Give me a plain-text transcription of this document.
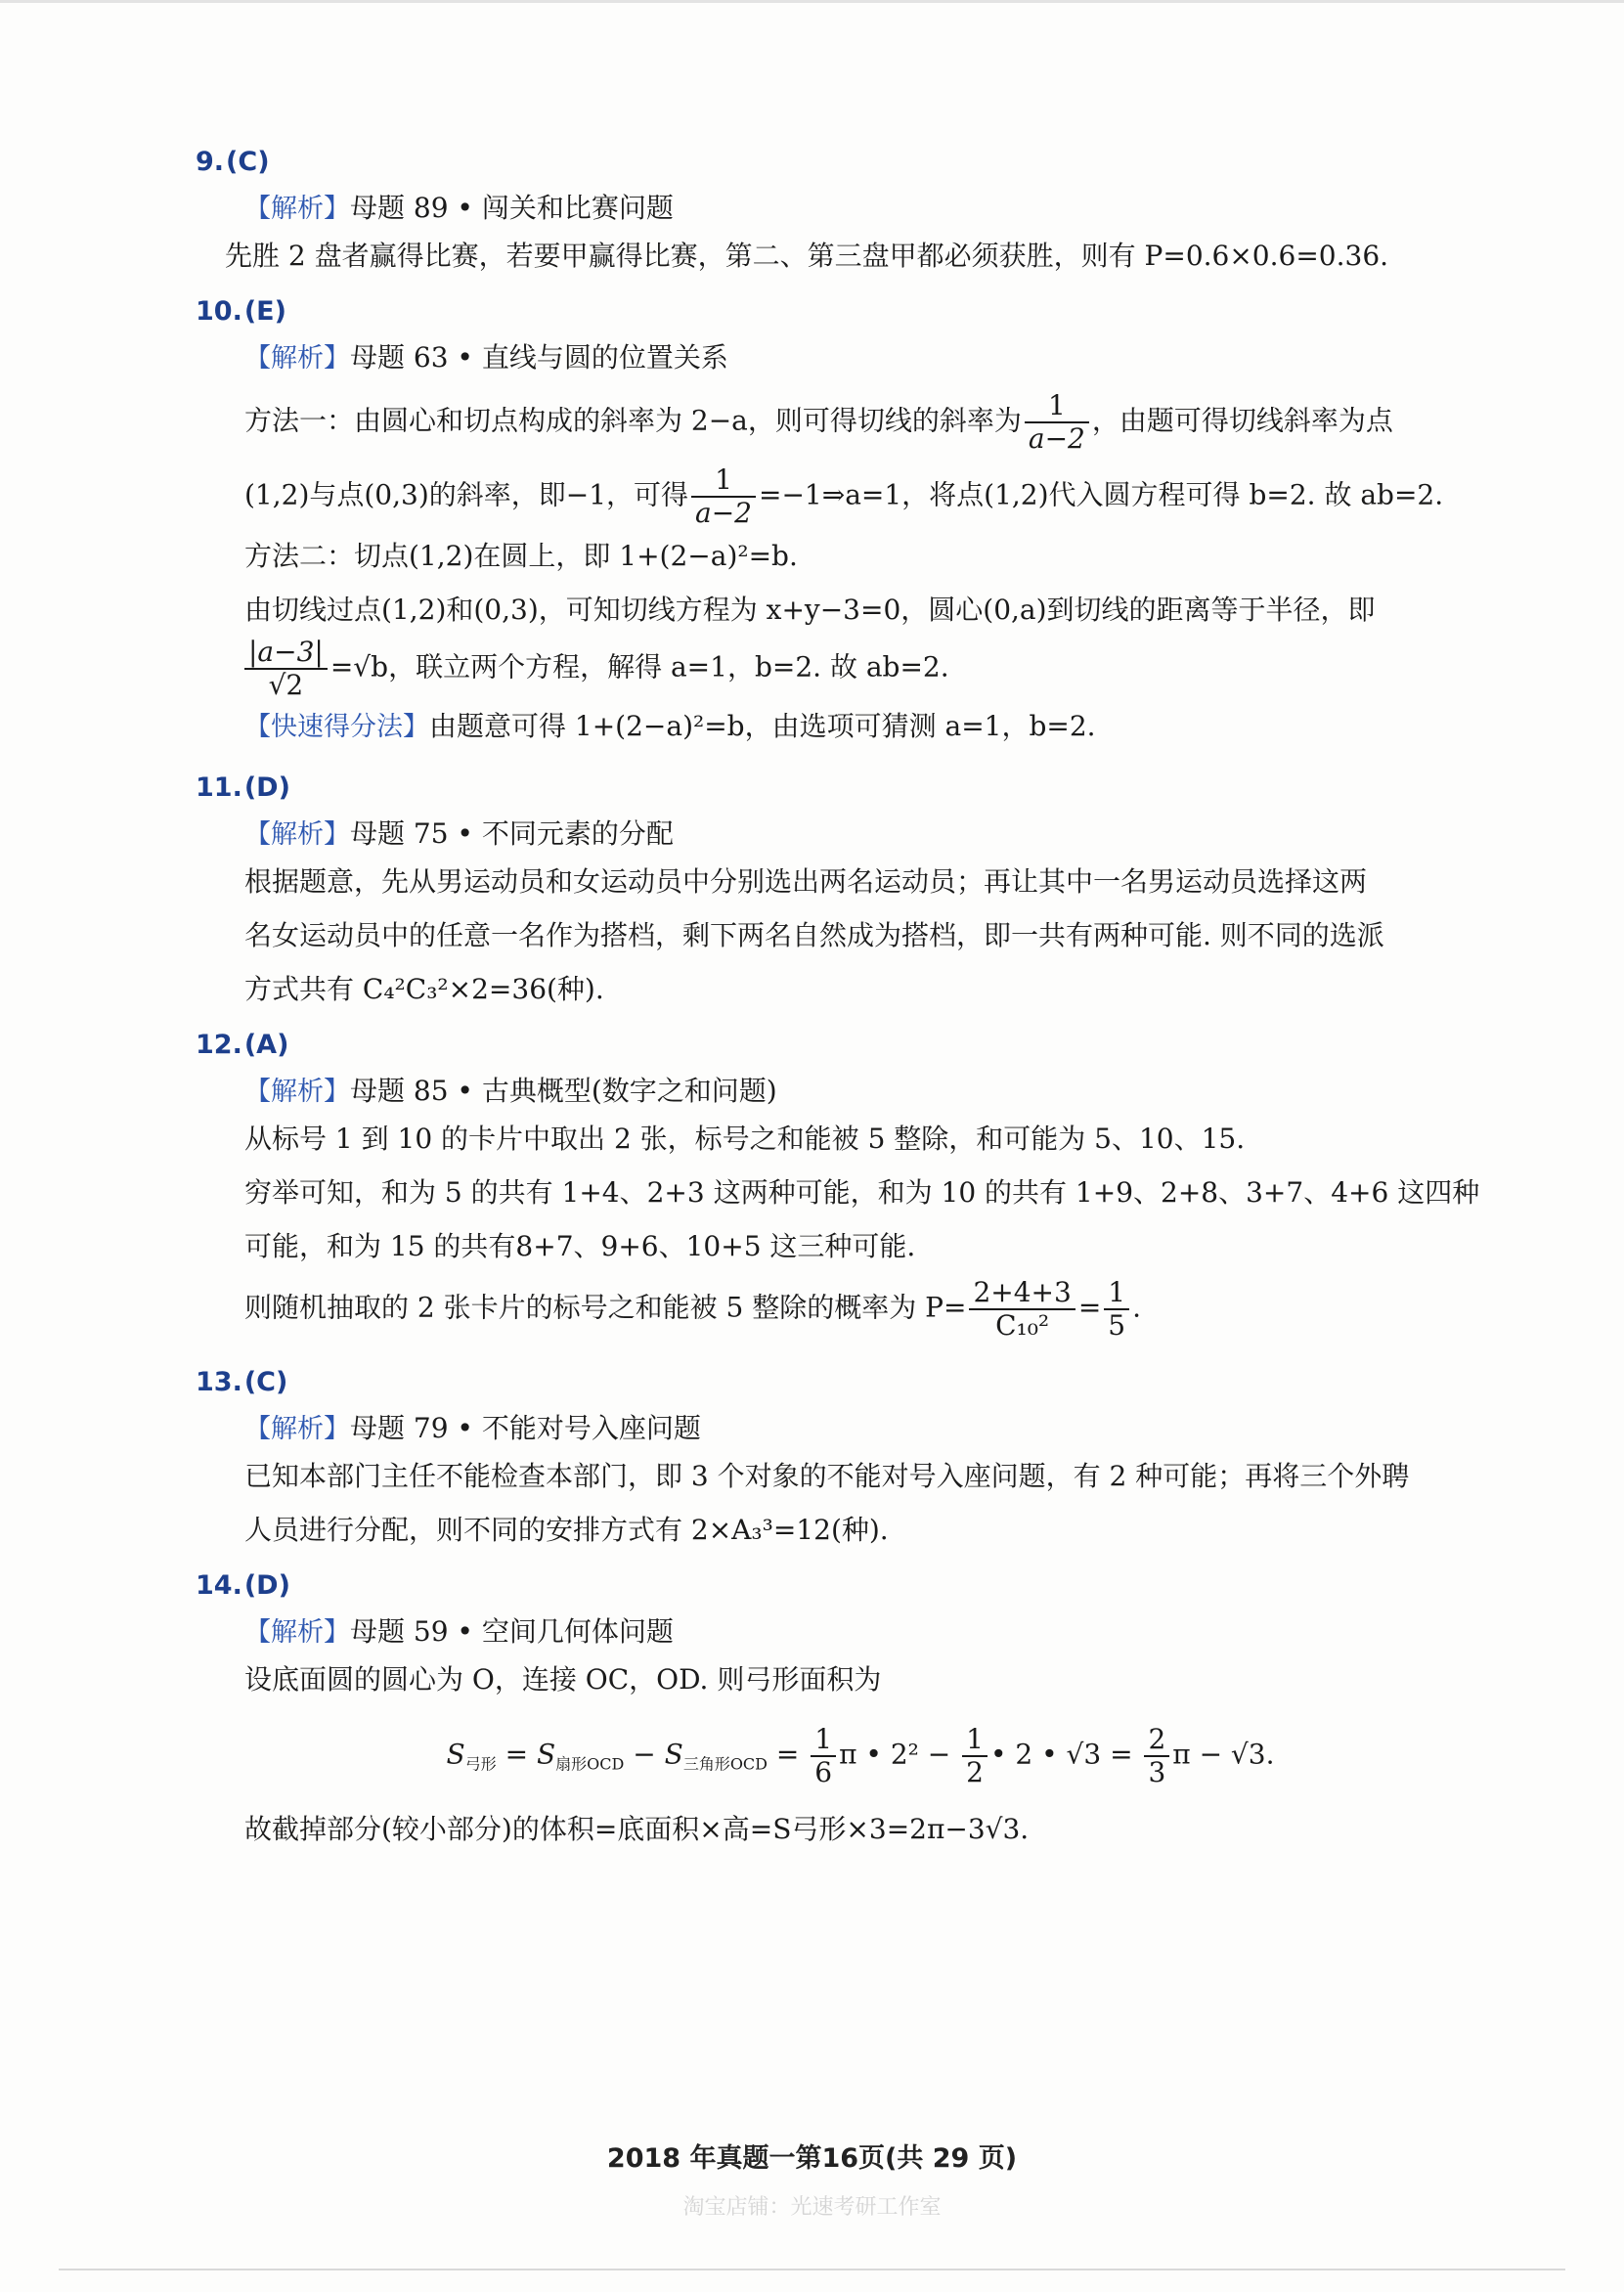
9.(C)
【解析】母题 89 • 闯关和比赛问题
先胜 2 盘者赢得比赛，若要甲赢得比赛，第二、第三盘甲都必须获胜，则有 P=0.6×0.6=0.36.
10.(E)
【解析】母题 63 • 直线与圆的位置关系
方法一：由圆心和切点构成的斜率为 2−a，则可得切线的斜率为 $\frac{1}{a-2}$ ，由题可得切线斜率为点
(1,2)与点(0,3)的斜率，即−1，可得 $\frac{1}{a-2}$ =−1⇒a=1，将点(1,2)代入圆方程可得 b=2. 故 ab=2.
方法二：切点(1,2)在圆上，即 1+(2−a)²=b.
由切线过点(1,2)和(0,3)，可知切线方程为 x+y−3=0，圆心(0,a)到切线的距离等于半径，即
$\frac{|a-3|}{√2} =√b$，联立两个方程，解得 a=1，b=2. 故 ab=2.
【快速得分法】由题意可得 1+(2−a)²=b，由选项可猜测 a=1，b=2.
11.(D)
【解析】母题 75 • 不同元素的分配
根据题意，先从男运动员和女运动员中分别选出两名运动员；再让其中一名男运动员选择这两
名女运动员中的任意一名作为搭档，剩下两名自然成为搭档，即一共有两种可能. 则不同的选派
方式共有 C₄²C₃²×2=36(种).
12.(A)
【解析】母题 85 • 古典概型(数字之和问题)
从标号 1 到 10 的卡片中取出 2 张，标号之和能被 5 整除，和可能为 5、10、15.
穷举可知，和为 5 的共有 1+4、2+3 这两种可能，和为 10 的共有 1+9、2+8、3+7、4+6 这四种
可能，和为 15 的共有8+7、9+6、10+5 这三种可能.
则随机抽取的 2 张卡片的标号之和能被 5 整除的概率为 $P= \frac{2+4+3}{\text{C₁₀²}} = \frac{1}{5}$ .
13.(C)
【解析】母题 79 • 不能对号入座问题
已知本部门主任不能检查本部门，即 3 个对象的不能对号入座问题，有 2 种可能；再将三个外聘
人员进行分配，则不同的安排方式有 2×A₃³=12(种).
14.(D)
【解析】母题 59 • 空间几何体问题
设底面圆的圆心为 O，连接 OC，OD. 则弓形面积为
$S_{弓形} = S_{扇形OCD} - S_{三角形OCD} = \frac{1}{6}$ π • $2^2 - \frac{1}{2}$ • 2 • $√3 = \frac{2}{3}$ π − √3.
故截掉部分(较小部分)的体积=底面积×高=S弓形×3=2π−3√3.
2018 年真题一第16页(共 29 页)
淘宝店铺：光速考研工作室
